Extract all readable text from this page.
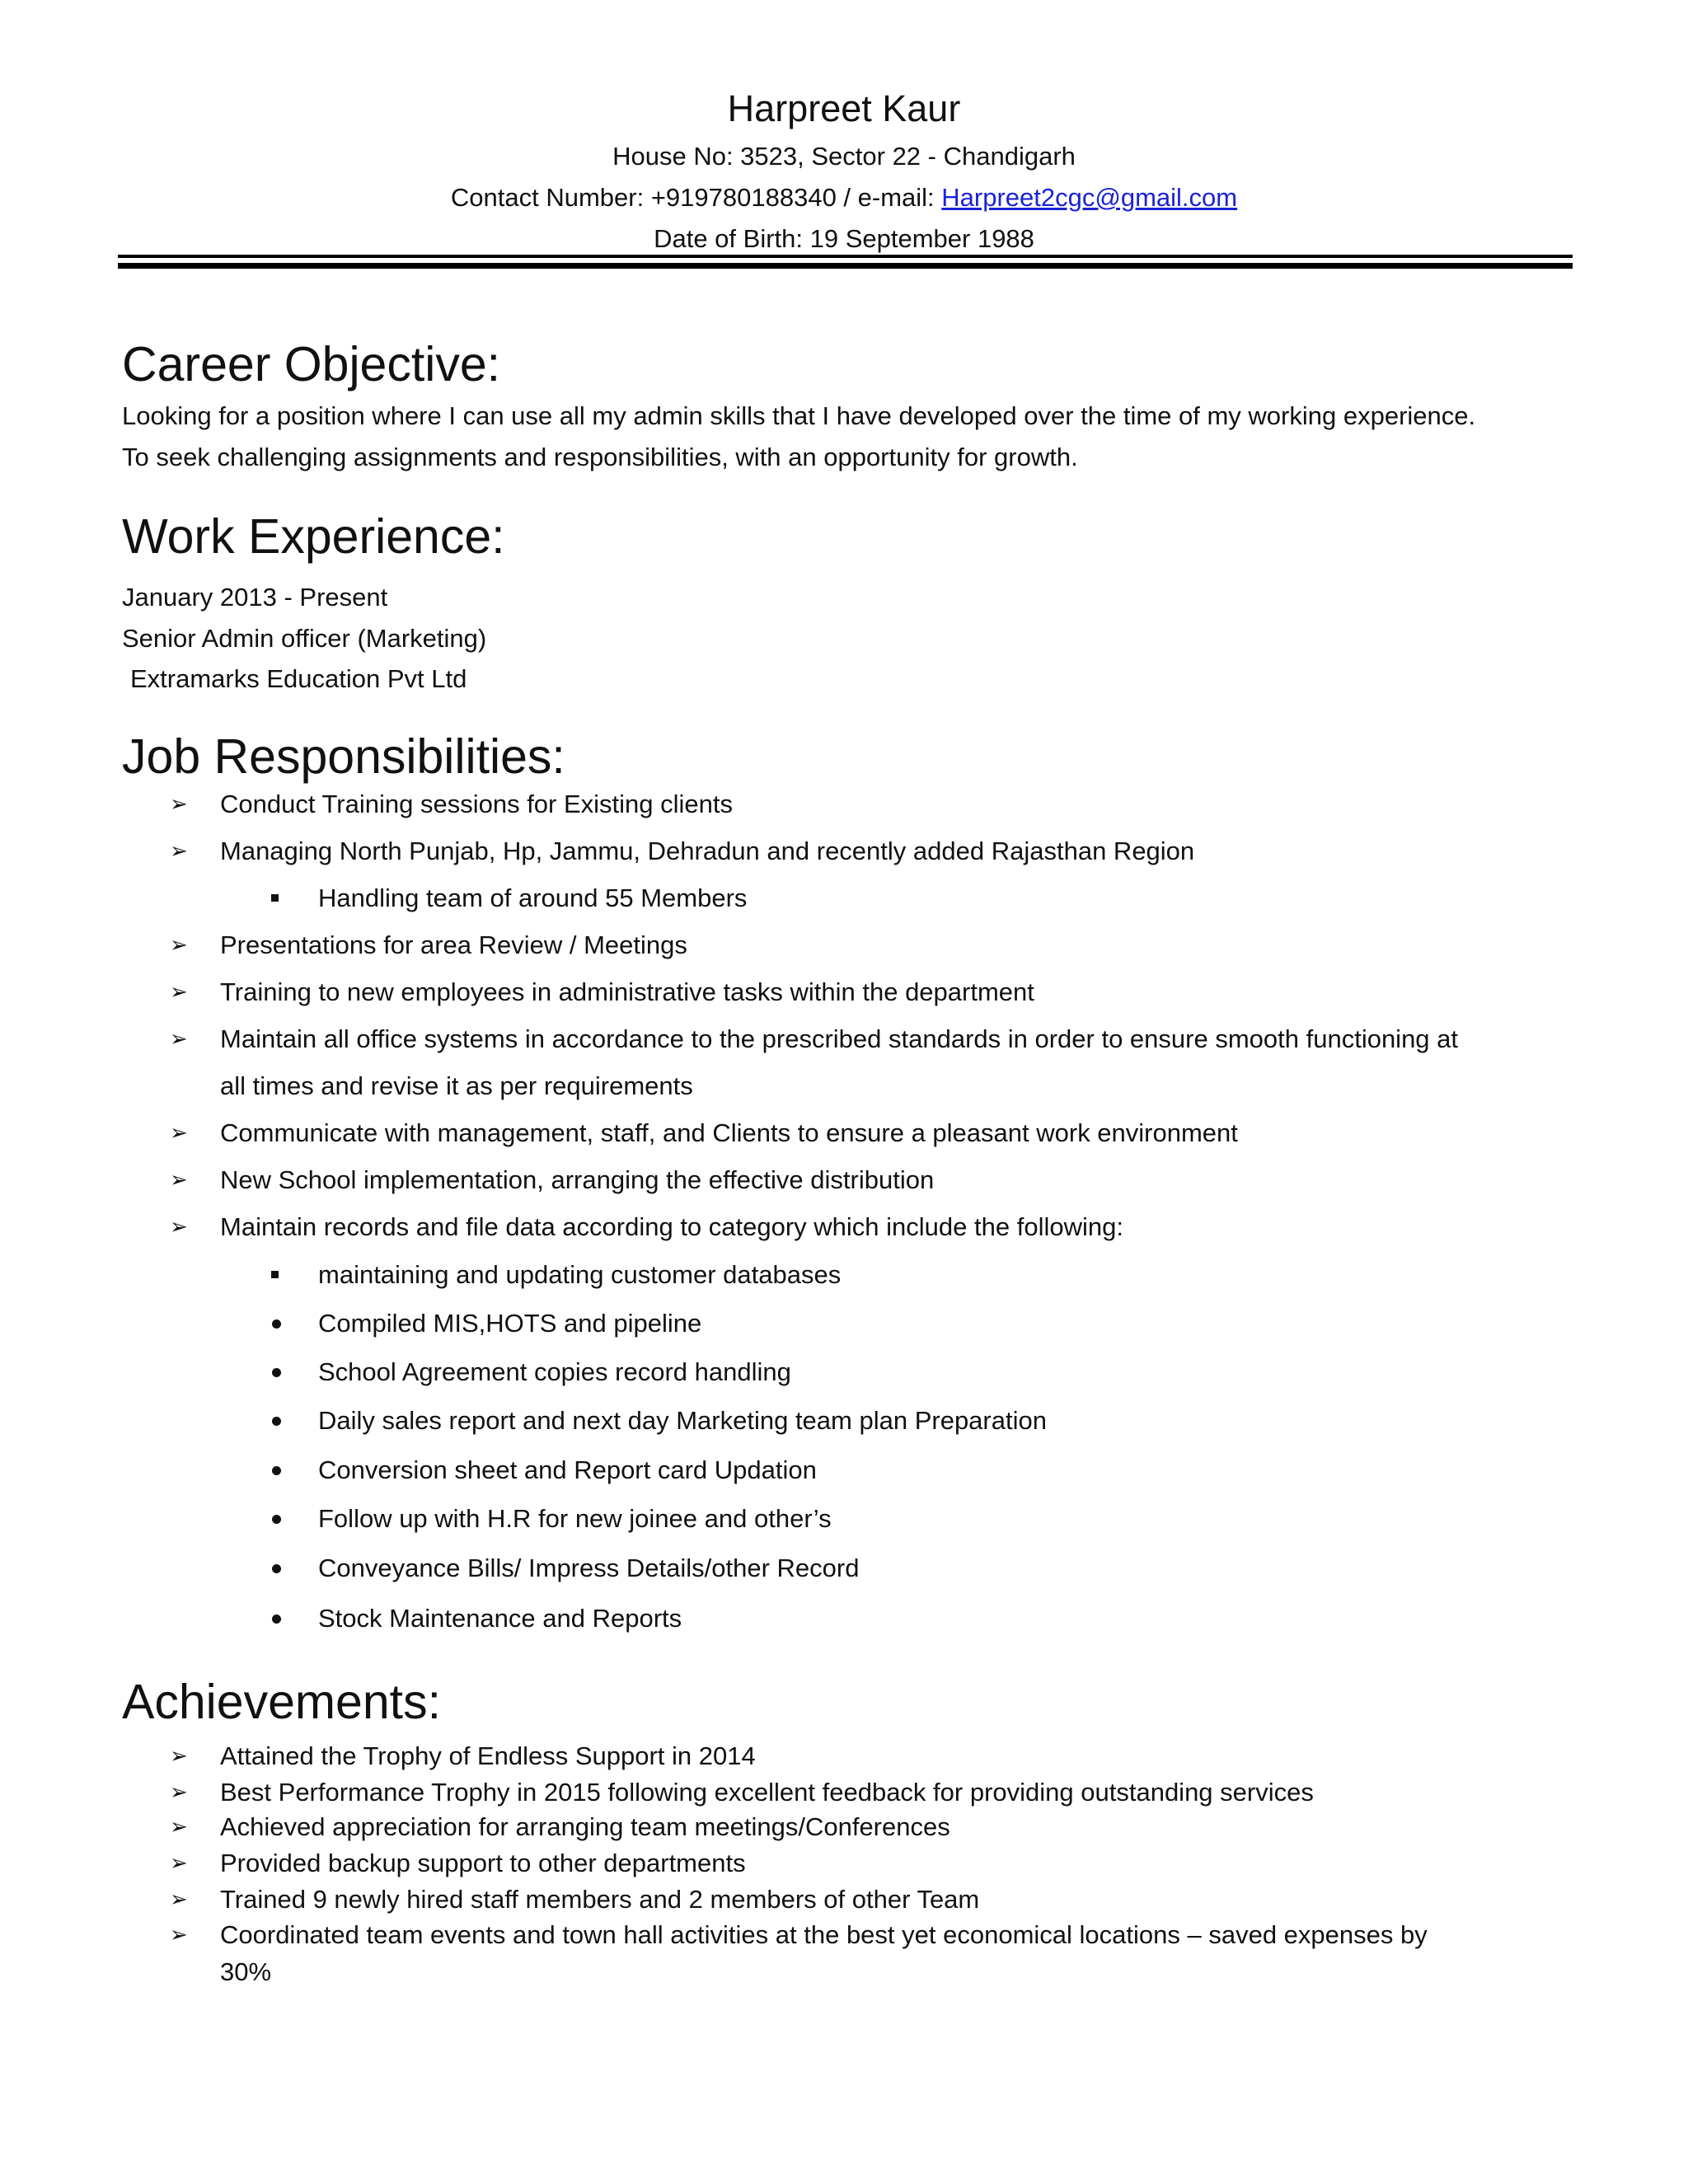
Harpreet Kaur
House No: 3523, Sector 22 - Chandigarh
Contact Number: +919780188340 / e-mail: Harpreet2cgc@gmail.com
Date of Birth: 19 September 1988
Career Objective:
Looking for a position where I can use all my admin skills that I have developed over the time of my working experience.
To seek challenging assignments and responsibilities, with an opportunity for growth.
Work Experience:
January 2013 - Present
Senior Admin officer (Marketing)
Extramarks Education Pvt Ltd
Job Responsibilities:
➢ Conduct Training sessions for Existing clients
➢ Managing North Punjab, Hp, Jammu, Dehradun and recently added Rajasthan Region
Handling team of around 55 Members
➢ Presentations for area Review / Meetings
➢ Training to new employees in administrative tasks within the department
➢ Maintain all office systems in accordance to the prescribed standards in order to ensure smooth functioning at
all times and revise it as per requirements
➢ Communicate with management, staff, and Clients to ensure a pleasant work environment
➢ New School implementation, arranging the effective distribution
➢ Maintain records and file data according to category which include the following:
maintaining and updating customer databases
Compiled MIS,HOTS and pipeline
School Agreement copies record handling
Daily sales report and next day Marketing team plan Preparation
Conversion sheet and Report card Updation
Follow up with H.R for new joinee and other’s
Conveyance Bills/ Impress Details/other Record
Stock Maintenance and Reports
Achievements:
➢ Attained the Trophy of Endless Support in 2014
➢ Best Performance Trophy in 2015 following excellent feedback for providing outstanding services
➢ Achieved appreciation for arranging team meetings/Conferences
➢ Provided backup support to other departments
➢ Trained 9 newly hired staff members and 2 members of other Team
➢ Coordinated team events and town hall activities at the best yet economical locations – saved expenses by
30%
